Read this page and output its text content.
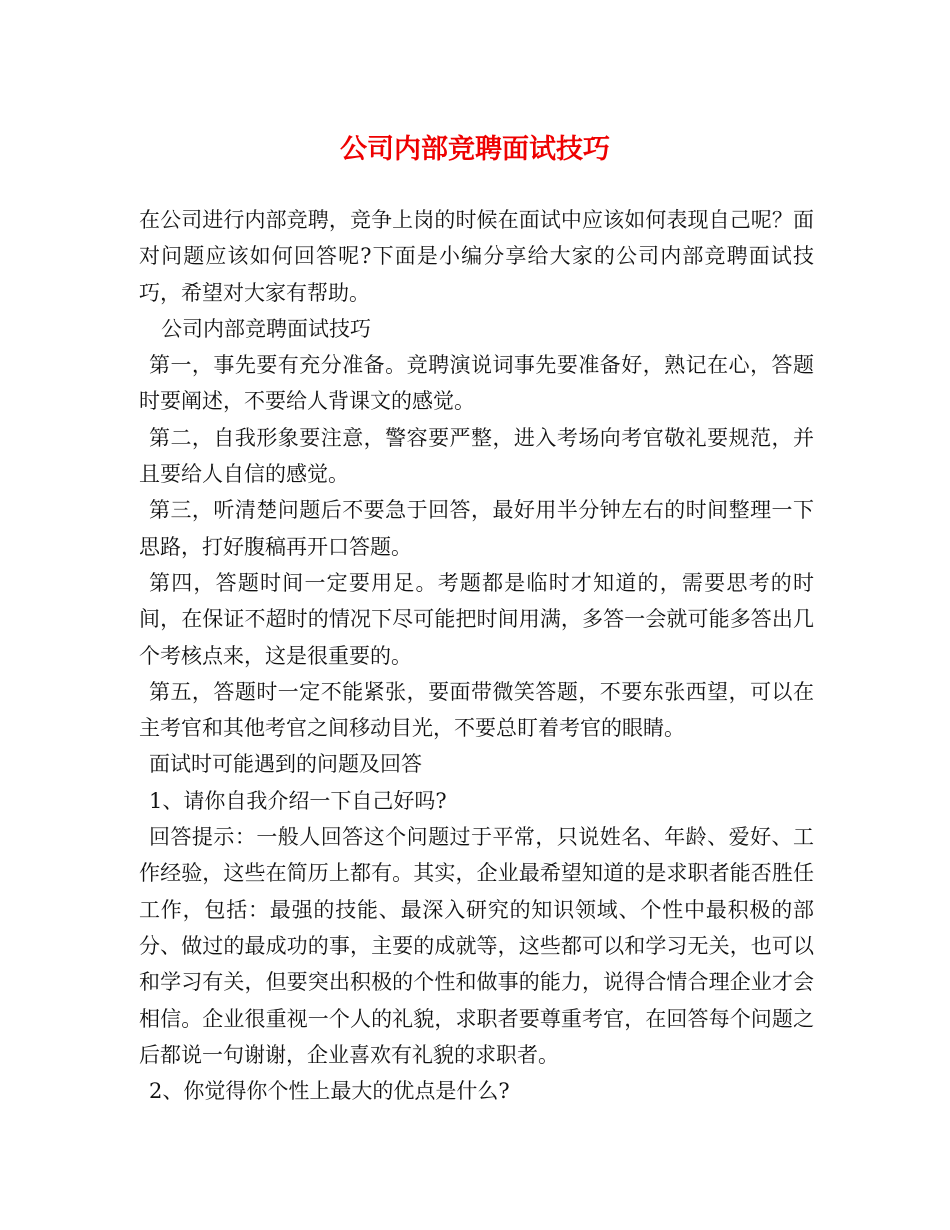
公司内部竞聘面试技巧

在公司进行内部竞聘，竞争上岗的时候在面试中应该如何表现自己呢？面对问题应该如何回答呢?下面是小编分享给大家的公司内部竞聘面试技巧，希望对大家有帮助。

公司内部竞聘面试技巧

第一，事先要有充分准备。竞聘演说词事先要准备好，熟记在心，答题时要阐述，不要给人背课文的感觉。

第二，自我形象要注意，警容要严整，进入考场向考官敬礼要规范，并且要给人自信的感觉。

第三，听清楚问题后不要急于回答，最好用半分钟左右的时间整理一下思路，打好腹稿再开口答题。

第四，答题时间一定要用足。考题都是临时才知道的，需要思考的时间，在保证不超时的情况下尽可能把时间用满，多答一会就可能多答出几个考核点来，这是很重要的。

第五，答题时一定不能紧张，要面带微笑答题，不要东张西望，可以在主考官和其他考官之间移动目光，不要总盯着考官的眼睛。

面试时可能遇到的问题及回答

1、请你自我介绍一下自己好吗?

回答提示：一般人回答这个问题过于平常，只说姓名、年龄、爱好、工作经验，这些在简历上都有。其实，企业最希望知道的是求职者能否胜任工作，包括：最强的技能、最深入研究的知识领域、个性中最积极的部分、做过的最成功的事，主要的成就等，这些都可以和学习无关，也可以和学习有关，但要突出积极的个性和做事的能力，说得合情合理企业才会相信。企业很重视一个人的礼貌，求职者要尊重考官，在回答每个问题之后都说一句谢谢，企业喜欢有礼貌的求职者。

2、你觉得你个性上最大的优点是什么?
